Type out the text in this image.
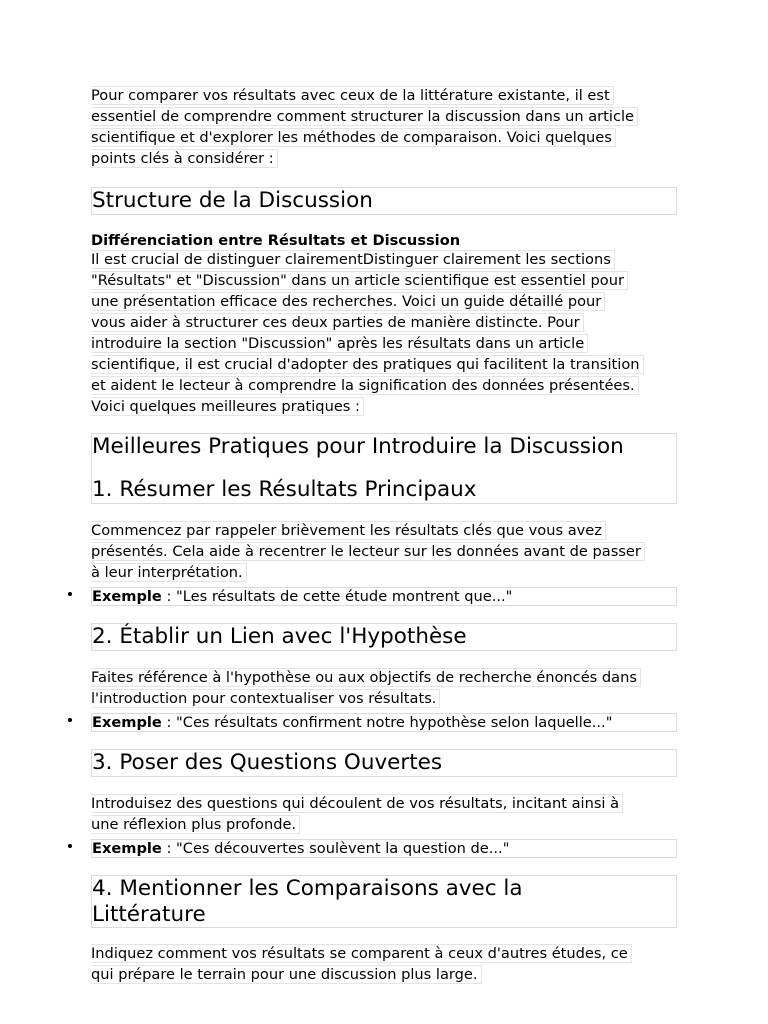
Pour comparer vos résultats avec ceux de la littérature existante, il est
essentiel de comprendre comment structurer la discussion dans un article
scientifique et d'explorer les méthodes de comparaison. Voici quelques
points clés à considérer :
Structure de la Discussion
Différenciation entre Résultats et Discussion
Il est crucial de distinguer clairementDistinguer clairement les sections
"Résultats" et "Discussion" dans un article scientifique est essentiel pour
une présentation efficace des recherches. Voici un guide détaillé pour
vous aider à structurer ces deux parties de manière distincte. Pour
introduire la section "Discussion" après les résultats dans un article
scientifique, il est crucial d'adopter des pratiques qui facilitent la transition
et aident le lecteur à comprendre la signification des données présentées.
Voici quelques meilleures pratiques :
Meilleures Pratiques pour Introduire la Discussion
1. Résumer les Résultats Principaux
Commencez par rappeler brièvement les résultats clés que vous avez
présentés. Cela aide à recentrer le lecteur sur les données avant de passer
à leur interprétation.
Exemple : "Les résultats de cette étude montrent que..."
2. Établir un Lien avec l'Hypothèse
Faites référence à l'hypothèse ou aux objectifs de recherche énoncés dans
l'introduction pour contextualiser vos résultats.
Exemple : "Ces résultats confirment notre hypothèse selon laquelle..."
3. Poser des Questions Ouvertes
Introduisez des questions qui découlent de vos résultats, incitant ainsi à
une réflexion plus profonde.
Exemple : "Ces découvertes soulèvent la question de..."
4. Mentionner les Comparaisons avec la
Littérature
Indiquez comment vos résultats se comparent à ceux d'autres études, ce
qui prépare le terrain pour une discussion plus large.
